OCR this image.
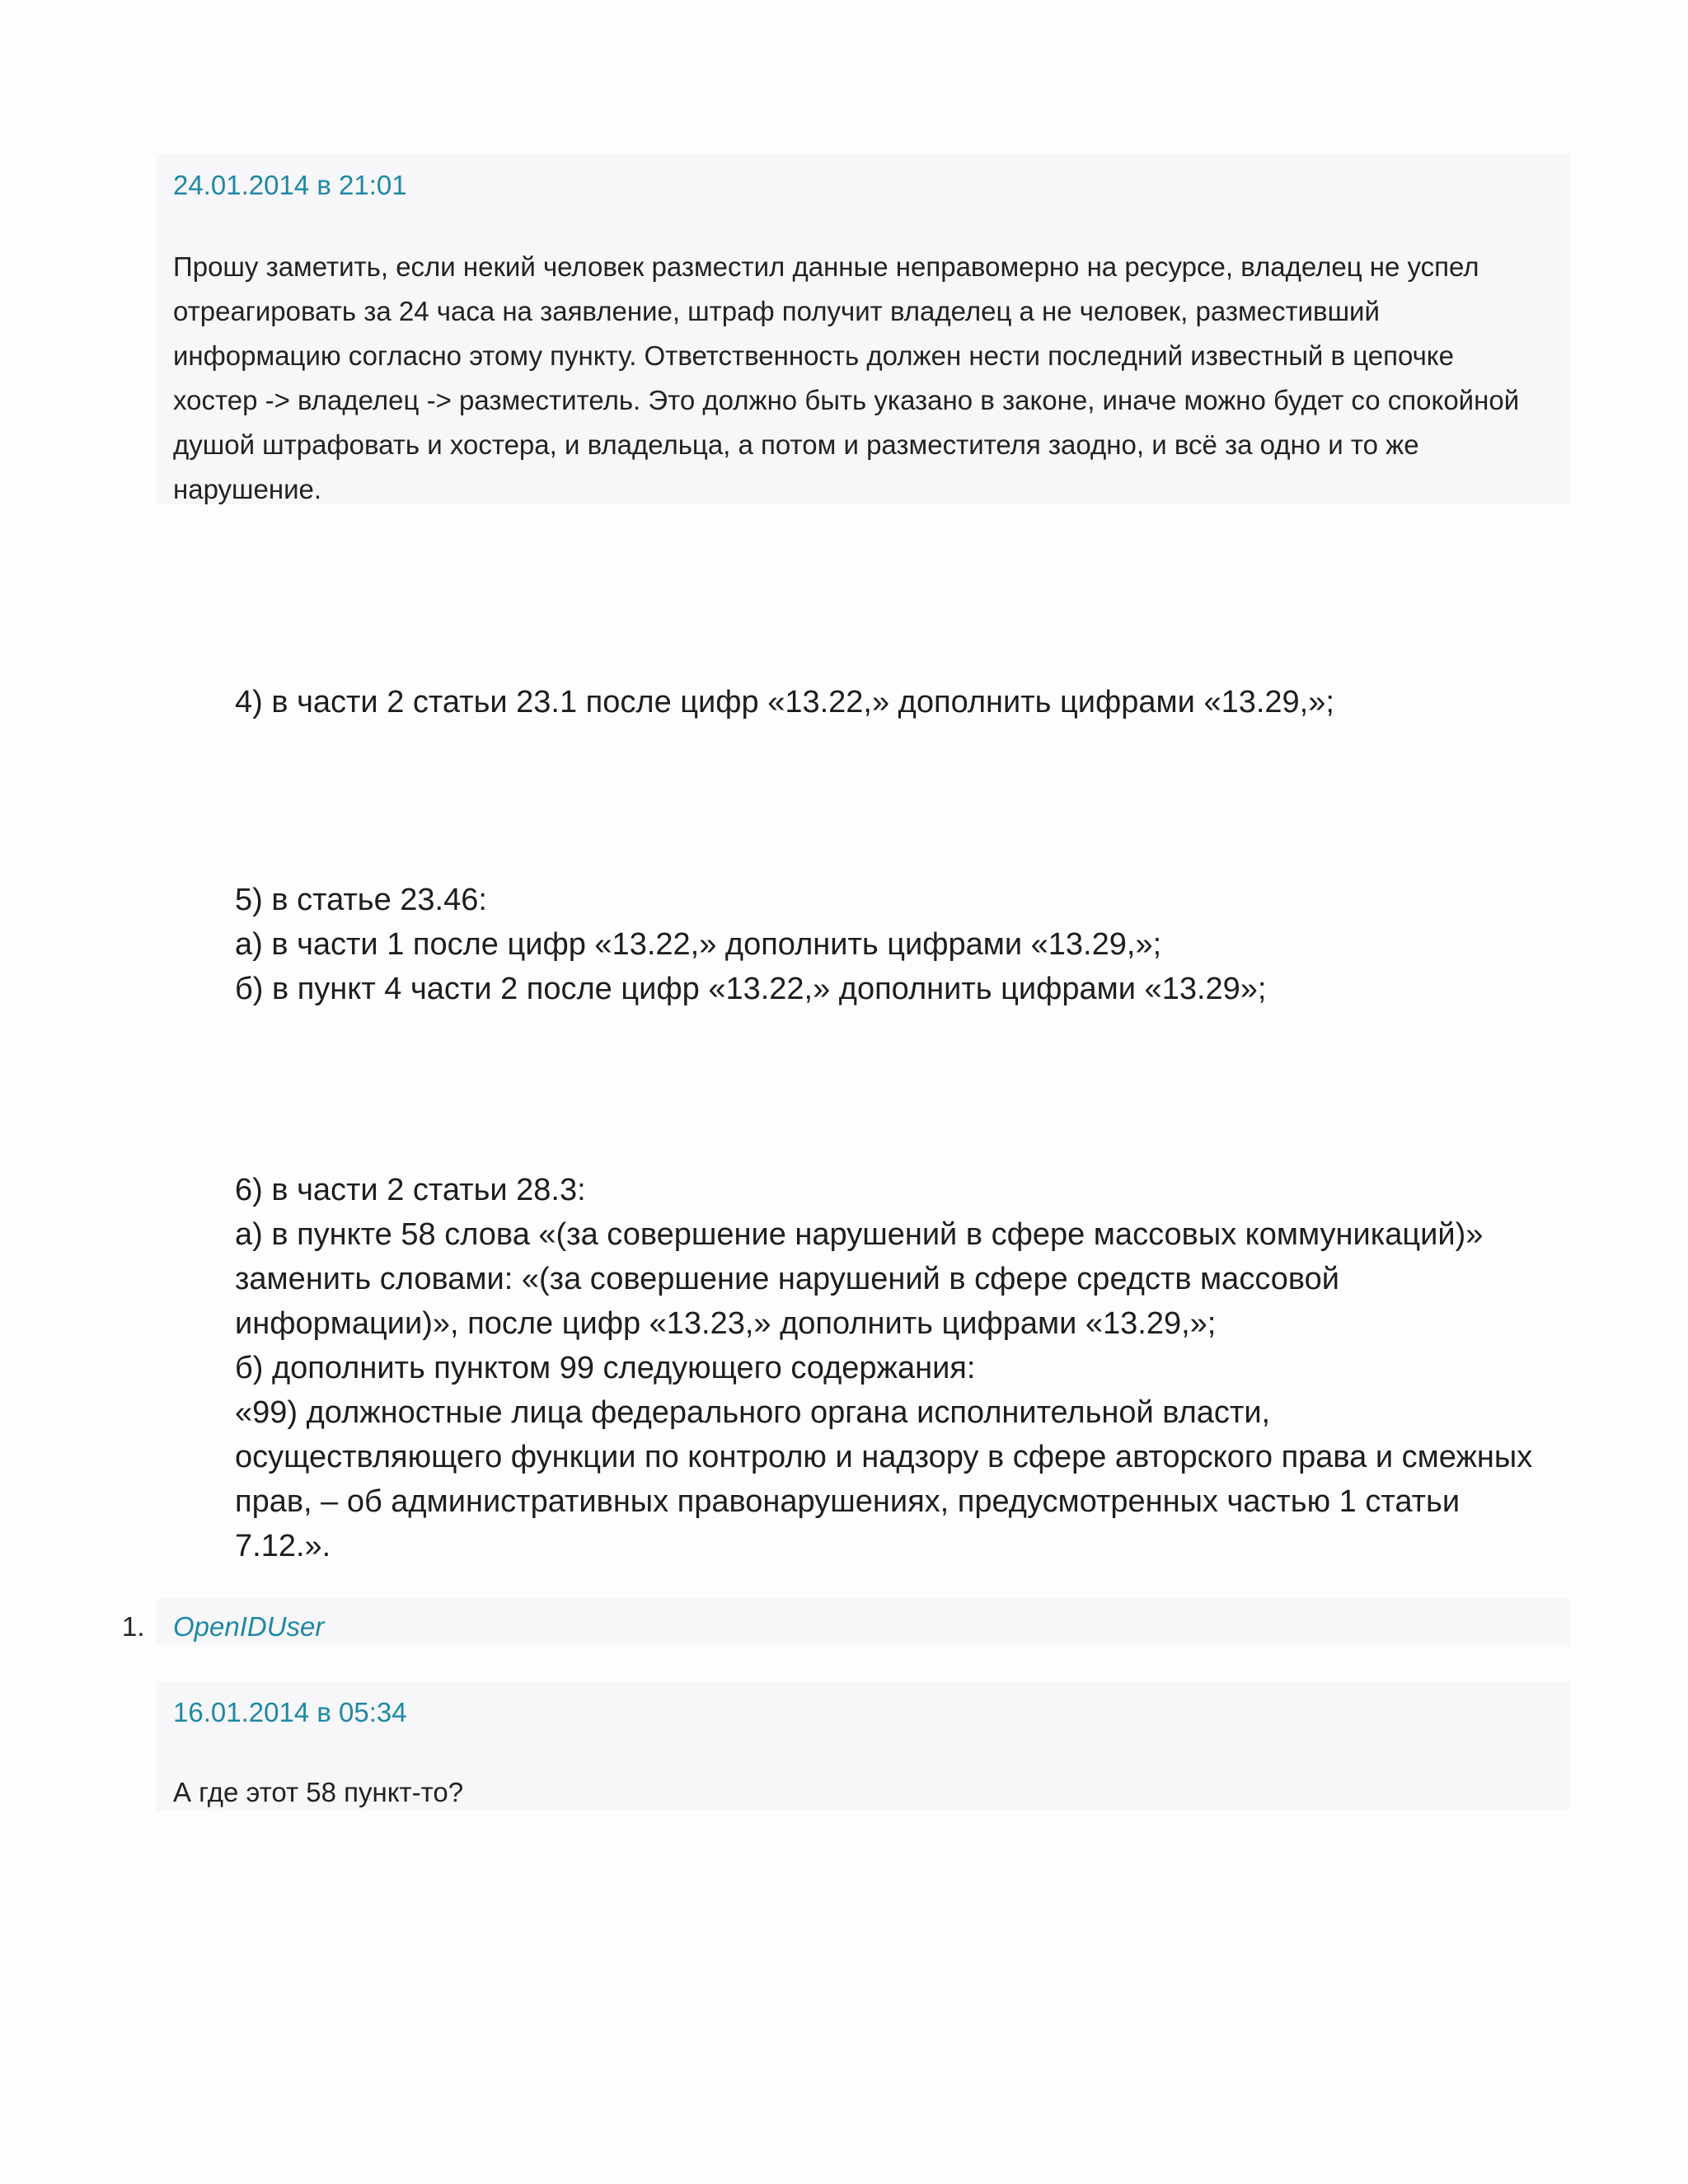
24.01.2014 в 21:01
Прошу заметить, если некий человек разместил данные неправомерно на ресурсе, владелец не успел
отреагировать за 24 часа на заявление, штраф получит владелец а не человек, разместивший
информацию согласно этому пункту. Ответственность должен нести последний известный в цепочке
хостер -> владелец -> разместитель. Это должно быть указано в законе, иначе можно будет со спокойной
душой штрафовать и хостера, и владельца, а потом и разместителя заодно, и всё за одно и то же
нарушение.
4) в части 2 статьи 23.1 после цифр «13.22,» дополнить цифрами «13.29,»;
5) в статье 23.46:
а) в части 1 после цифр «13.22,» дополнить цифрами «13.29,»;
б) в пункт 4 части 2 после цифр «13.22,» дополнить цифрами «13.29»;
6) в части 2 статьи 28.3:
а) в пункте 58 слова «(за совершение нарушений в сфере массовых коммуникаций)»
заменить словами: «(за совершение нарушений в сфере средств массовой
информации)», после цифр «13.23,» дополнить цифрами «13.29,»;
б) дополнить пунктом 99 следующего содержания:
«99) должностные лица федерального органа исполнительной власти,
осуществляющего функции по контролю и надзору в сфере авторского права и смежных
прав, – об административных правонарушениях, предусмотренных частью 1 статьи
7.12.».
1. OpenIDUser
16.01.2014 в 05:34
А где этот 58 пункт-то?
